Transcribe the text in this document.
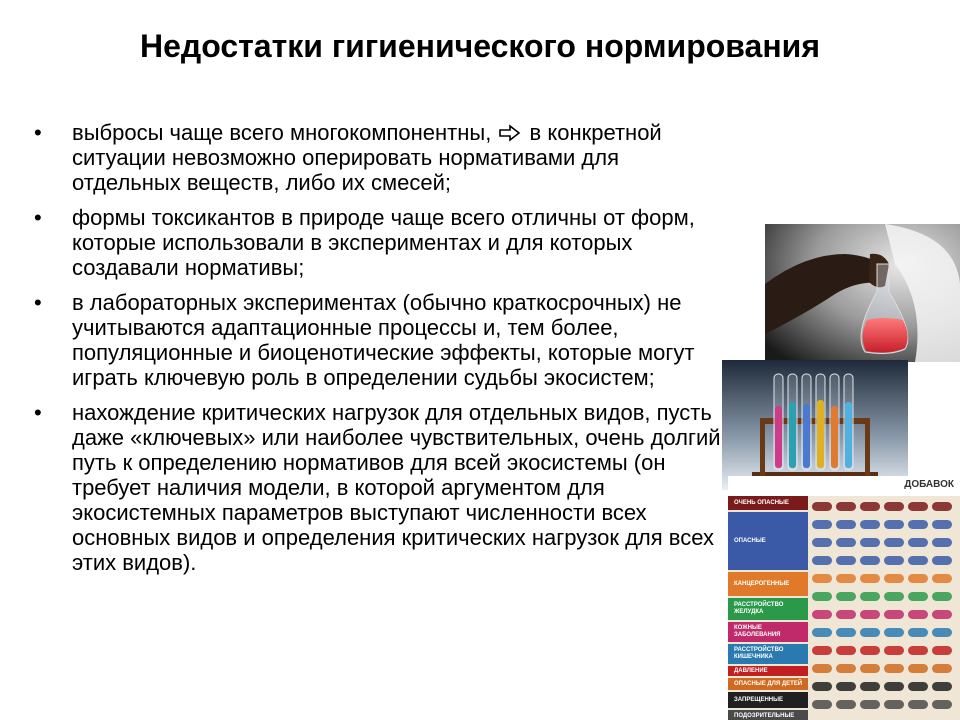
Недостатки гигиенического нормирования
• выбросы чаще всего многокомпонентны,  в конкретной ситуации невозможно оперировать нормативами для отдельных веществ, либо их смесей;
• формы токсикантов в природе чаще всего отличны от форм, которые использовали в экспериментах и для которых создавали нормативы;
• в лабораторных экспериментах (обычно краткосрочных) не учитываются адаптационные процессы и, тем более, популяционные и биоценотические эффекты, которые могут играть ключевую роль в определении судьбы экосистем;
• нахождение критических нагрузок для отдельных видов, пусть даже «ключевых» или наиболее чувствительных, очень долгий путь к определению нормативов для всей экосистемы (он требует наличия модели, в которой аргументом для экосистемных параметров выступают численности всех основных видов и определения критических нагрузок для всех этих видов).
ДОБАВОК
ОЧЕНЬ ОПАСНЫЕ
ОПАСНЫЕ
КАНЦЕРОГЕННЫЕ
РАССТРОЙСТВО ЖЕЛУДКА
КОЖНЫЕ ЗАБОЛЕВАНИЯ
РАССТРОЙСТВО КИШЕЧНИКА
ДАВЛЕНИЕ
ОПАСНЫЕ ДЛЯ ДЕТЕЙ
ЗАПРЕЩЕННЫЕ
ПОДОЗРИТЕЛЬНЫЕ
